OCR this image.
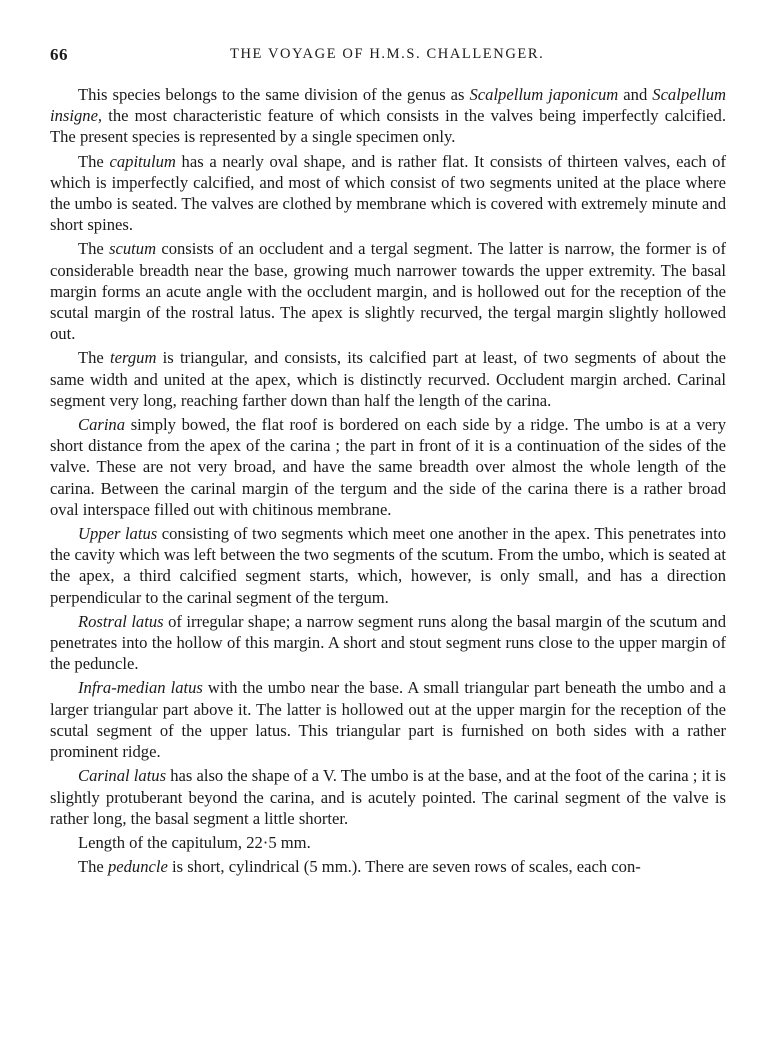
66	THE VOYAGE OF H.M.S. CHALLENGER.

This species belongs to the same division of the genus as Scalpellum japonicum and Scalpellum insigne, the most characteristic feature of which consists in the valves being imperfectly calcified. The present species is represented by a single specimen only.

The capitulum has a nearly oval shape, and is rather flat. It consists of thirteen valves, each of which is imperfectly calcified, and most of which consist of two segments united at the place where the umbo is seated. The valves are clothed by membrane which is covered with extremely minute and short spines.

The scutum consists of an occludent and a tergal segment. The latter is narrow, the former is of considerable breadth near the base, growing much narrower towards the upper extremity. The basal margin forms an acute angle with the occludent margin, and is hollowed out for the reception of the scutal margin of the rostral latus. The apex is slightly recurved, the tergal margin slightly hollowed out.

The tergum is triangular, and consists, its calcified part at least, of two segments of about the same width and united at the apex, which is distinctly recurved. Occludent margin arched. Carinal segment very long, reaching farther down than half the length of the carina.

Carina simply bowed, the flat roof is bordered on each side by a ridge. The umbo is at a very short distance from the apex of the carina ; the part in front of it is a continuation of the sides of the valve. These are not very broad, and have the same breadth over almost the whole length of the carina. Between the carinal margin of the tergum and the side of the carina there is a rather broad oval interspace filled out with chitinous membrane.

Upper latus consisting of two segments which meet one another in the apex. This penetrates into the cavity which was left between the two segments of the scutum. From the umbo, which is seated at the apex, a third calcified segment starts, which, however, is only small, and has a direction perpendicular to the carinal segment of the tergum.

Rostral latus of irregular shape; a narrow segment runs along the basal margin of the scutum and penetrates into the hollow of this margin. A short and stout segment runs close to the upper margin of the peduncle.

Infra-median latus with the umbo near the base. A small triangular part beneath the umbo and a larger triangular part above it. The latter is hollowed out at the upper margin for the reception of the scutal segment of the upper latus. This triangular part is furnished on both sides with a rather prominent ridge.

Carinal latus has also the shape of a V. The umbo is at the base, and at the foot of the carina ; it is slightly protuberant beyond the carina, and is acutely pointed. The carinal segment of the valve is rather long, the basal segment a little shorter.

Length of the capitulum, 22·5 mm.

The peduncle is short, cylindrical (5 mm.). There are seven rows of scales, each con-
